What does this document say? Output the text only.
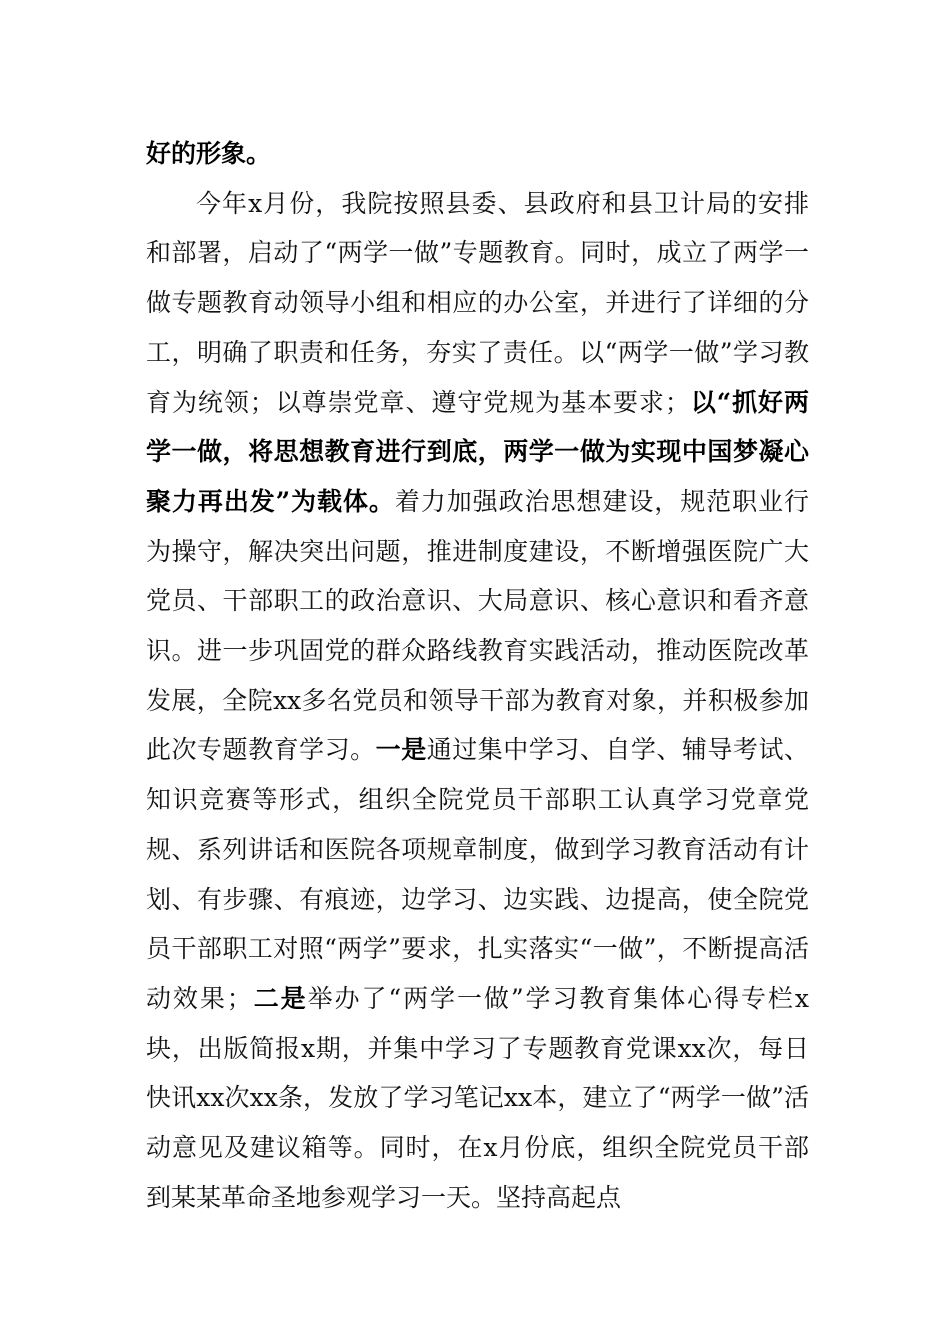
好的形象。

今年x月份，我院按照县委、县政府和县卫计局的安排和部署，启动了“两学一做”专题教育。同时，成立了两学一做专题教育动领导小组和相应的办公室，并进行了详细的分工，明确了职责和任务，夯实了责任。以“两学一做”学习教育为统领；以尊崇党章、遵守党规为基本要求；以“抓好两学一做，将思想教育进行到底，两学一做为实现中国梦凝心聚力再出发”为载体。着力加强政治思想建设，规范职业行为操守，解决突出问题，推进制度建设，不断增强医院广大党员、干部职工的政治意识、大局意识、核心意识和看齐意识。进一步巩固党的群众路线教育实践活动，推动医院改革发展，全院xx多名党员和领导干部为教育对象，并积极参加此次专题教育学习。一是通过集中学习、自学、辅导考试、知识竞赛等形式，组织全院党员干部职工认真学习党章党规、系列讲话和医院各项规章制度，做到学习教育活动有计划、有步骤、有痕迹，边学习、边实践、边提高，使全院党员干部职工对照“两学”要求，扎实落实“一做”，不断提高活动效果；二是举办了“两学一做”学习教育集体心得专栏x块，出版简报x期，并集中学习了专题教育党课xx次，每日快讯xx次xx条，发放了学习笔记xx本，建立了“两学一做”活动意见及建议箱等。同时，在x月份底，组织全院党员干部到某某革命圣地参观学习一天。坚持高起点
